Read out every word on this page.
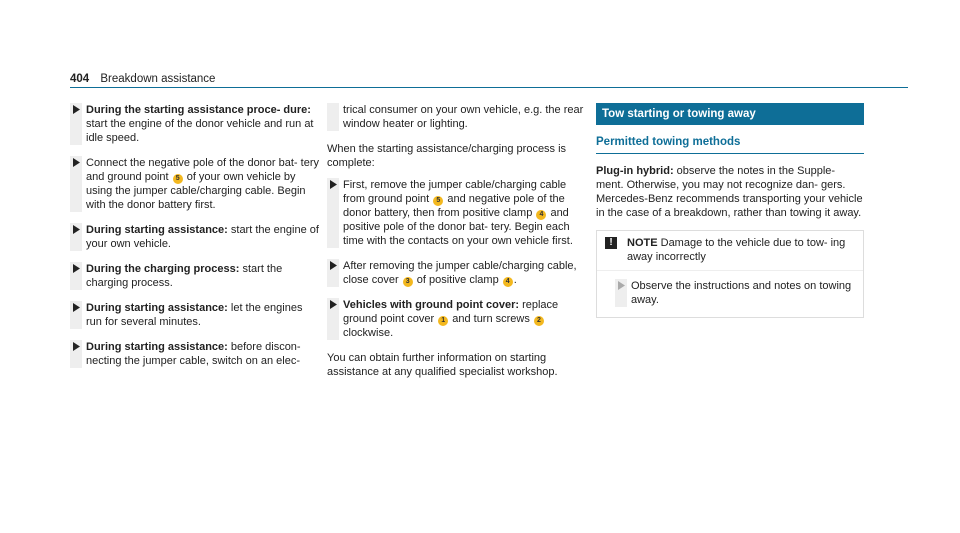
404 Breakdown assistance
During the starting assistance proce- dure: start the engine of the donor vehicle and run at idle speed.
Connect the negative pole of the donor bat- tery and ground point 5 of your own vehicle by using the jumper cable/charging cable. Begin with the donor battery first.
During starting assistance: start the engine of your own vehicle.
During the charging process: start the charging process.
During starting assistance: let the engines run for several minutes.
During starting assistance: before discon- necting the jumper cable, switch on an elec-
trical consumer on your own vehicle, e.g. the rear window heater or lighting.
When the starting assistance/charging process is complete:
First, remove the jumper cable/charging cable from ground point 5 and negative pole of the donor battery, then from positive clamp 4 and positive pole of the donor bat- tery. Begin each time with the contacts on your own vehicle first.
After removing the jumper cable/charging cable, close cover 3 of positive clamp 4 .
Vehicles with ground point cover: replace ground point cover 1 and turn screws 2 clockwise.
You can obtain further information on starting assistance at any qualified specialist workshop.
Tow starting or towing away
Permitted towing methods
Plug-in hybrid: observe the notes in the Supple- ment. Otherwise, you may not recognize dan- gers.
Mercedes-Benz recommends transporting your vehicle in the case of a breakdown, rather than towing it away.
!	NOTE Damage to the vehicle due to tow- ing away incorrectly
Observe the instructions and notes on towing away.
